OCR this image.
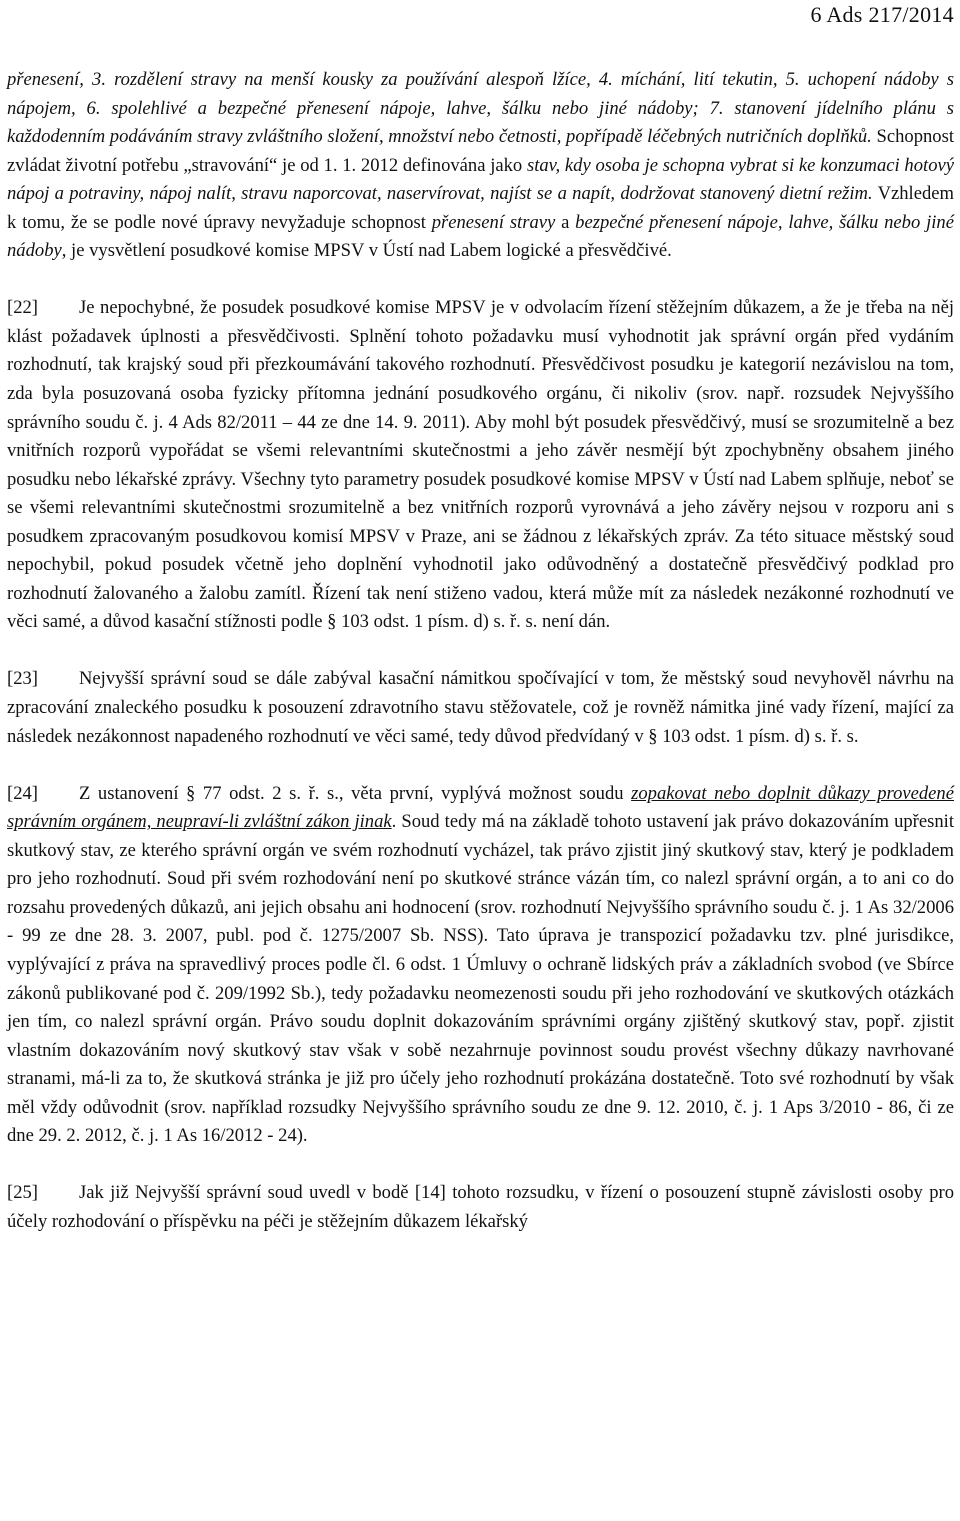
6 Ads 217/2014

přenesení, 3. rozdělení stravy na menší kousky za používání alespoň lžíce, 4. míchání, lití tekutin, 5. uchopení nádoby s nápojem, 6. spolehlivé a bezpečné přenesení nápoje, lahve, šálku nebo jiné nádoby; 7. stanovení jídelního plánu s každodenním podáváním stravy zvláštního složení, množství nebo četnosti, popřípadě léčebných nutričních doplňků. Schopnost zvládat životní potřebu „stravování“ je od 1. 1. 2012 definována jako stav, kdy osoba je schopna vybrat si ke konzumaci hotový nápoj a potraviny, nápoj nalít, stravu naporcovat, naservírovat, najíst se a napít, dodržovat stanovený dietní režim. Vzhledem k tomu, že se podle nové úpravy nevyžaduje schopnost přenesení stravy a bezpečné přenesení nápoje, lahve, šálku nebo jiné nádoby, je vysvětlení posudkové komise MPSV v Ústí nad Labem logické a přesvědčivé.

[22] Je nepochybné, že posudek posudkové komise MPSV je v odvolacím řízení stěžejním důkazem, a že je třeba na něj klást požadavek úplnosti a přesvědčivosti. Splnění tohoto požadavku musí vyhodnotit jak správní orgán před vydáním rozhodnutí, tak krajský soud při přezkoumávání takového rozhodnutí. Přesvědčivost posudku je kategorií nezávislou na tom, zda byla posuzovaná osoba fyzicky přítomna jednání posudkového orgánu, či nikoliv (srov. např. rozsudek Nejvyššího správního soudu č. j. 4 Ads 82/2011 – 44 ze dne 14. 9. 2011). Aby mohl být posudek přesvědčivý, musí se srozumitelně a bez vnitřních rozporů vypořádat se všemi relevantními skutečnostmi a jeho závěr nesmějí být zpochybněny obsahem jiného posudku nebo lékařské zprávy. Všechny tyto parametry posudek posudkové komise MPSV v Ústí nad Labem splňuje, neboť se se všemi relevantními skutečnostmi srozumitelně a bez vnitřních rozporů vyrovnává a jeho závěry nejsou v rozporu ani s posudkem zpracovaným posudkovou komisí MPSV v Praze, ani se žádnou z lékařských zpráv. Za této situace městský soud nepochybil, pokud posudek včetně jeho doplnění vyhodnotil jako odůvodněný a dostatečně přesvědčivý podklad pro rozhodnutí žalovaného a žalobu zamítl. Řízení tak není stiženo vadou, která může mít za následek nezákonné rozhodnutí ve věci samé, a důvod kasační stížnosti podle § 103 odst. 1 písm. d) s. ř. s. není dán.

[23] Nejvyšší správní soud se dále zabýval kasační námitkou spočívající v tom, že městský soud nevyhověl návrhu na zpracování znaleckého posudku k posouzení zdravotního stavu stěžovatele, což je rovněž námitka jiné vady řízení, mající za následek nezákonnost napadeného rozhodnutí ve věci samé, tedy důvod předvídaný v § 103 odst. 1 písm. d) s. ř. s.

[24] Z ustanovení § 77 odst. 2 s. ř. s., věta první, vyplývá možnost soudu zopakovat nebo doplnit důkazy provedené správním orgánem, neupraví-li zvláštní zákon jinak. Soud tedy má na základě tohoto ustavení jak právo dokazováním upřesnit skutkový stav, ze kterého správní orgán ve svém rozhodnutí vycházel, tak právo zjistit jiný skutkový stav, který je podkladem pro jeho rozhodnutí. Soud při svém rozhodování není po skutkové stránce vázán tím, co nalezl správní orgán, a to ani co do rozsahu provedených důkazů, ani jejich obsahu ani hodnocení (srov. rozhodnutí Nejvyššího správního soudu č. j. 1 As 32/2006 - 99 ze dne 28. 3. 2007, publ. pod č. 1275/2007 Sb. NSS). Tato úprava je transpozicí požadavku tzv. plné jurisdikce, vyplývající z práva na spravedlivý proces podle čl. 6 odst. 1 Úmluvy o ochraně lidských práv a základních svobod (ve Sbírce zákonů publikované pod č. 209/1992 Sb.), tedy požadavku neomezenosti soudu při jeho rozhodování ve skutkových otázkách jen tím, co nalezl správní orgán. Právo soudu doplnit dokazováním správními orgány zjištěný skutkový stav, popř. zjistit vlastním dokazováním nový skutkový stav však v sobě nezahrnuje povinnost soudu provést všechny důkazy navrhované stranami, má-li za to, že skutková stránka je již pro účely jeho rozhodnutí prokázána dostatečně. Toto své rozhodnutí by však měl vždy odůvodnit (srov. například rozsudky Nejvyššího správního soudu ze dne 9. 12. 2010, č. j. 1 Aps 3/2010 - 86, či ze dne 29. 2. 2012, č. j. 1 As 16/2012 - 24).

[25] Jak již Nejvyšší správní soud uvedl v bodě [14] tohoto rozsudku, v řízení o posouzení stupně závislosti osoby pro účely rozhodování o příspěvku na péči je stěžejním důkazem lékařský
